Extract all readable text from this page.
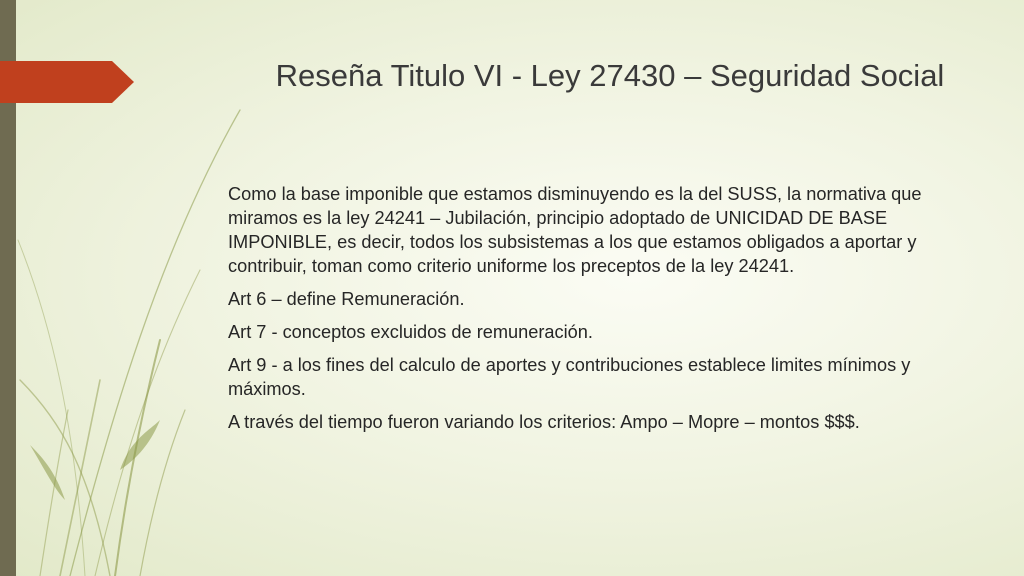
Reseña Titulo VI - Ley 27430 – Seguridad Social

Como la base imponible que estamos disminuyendo es la del SUSS, la normativa que miramos es la ley 24241 – Jubilación, principio adoptado de UNICIDAD DE BASE IMPONIBLE, es decir, todos los subsistemas a los que estamos obligados a aportar y contribuir, toman como criterio uniforme los preceptos de la ley 24241.

Art 6 – define Remuneración.

Art 7 - conceptos excluidos de remuneración.

Art 9 - a los fines del calculo de aportes y contribuciones establece limites mínimos y máximos.

A través del tiempo fueron variando los criterios: Ampo – Mopre – montos $$$.
